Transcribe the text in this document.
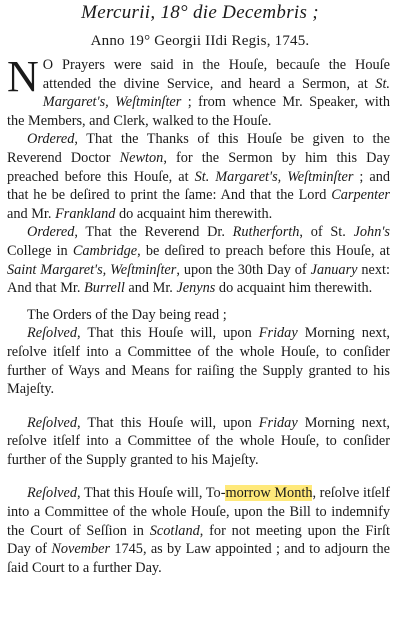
Mercurii, 18° die Decembris ;
Anno 19° Georgii IIdi Regis, 1745.

N O Prayers were said in the Houſe, becauſe the Houſe attended the divine Service, and heard a Sermon, at St. Margaret's, Weſtminſter ; from whence Mr. Speaker, with the Members, and Clerk, walked to the Houſe.

Ordered, That the Thanks of this Houſe be given to the Reverend Doctor Newton, for the Sermon by him this Day preached before this Houſe, at St. Margaret's, Weſtminſter ; and that he be deſired to print the ſame: And that the Lord Carpenter and Mr. Frankland do acquaint him therewith.

Ordered, That the Reverend Dr. Rutherforth, of St. John's College in Cambridge, be deſired to preach before this Houſe, at Saint Margaret's, Weſtminſter, upon the 30th Day of January next: And that Mr. Burrell and Mr. Jenyns do acquaint him therewith.

The Orders of the Day being read ;

Reſolved, That this Houſe will, upon Friday Morning next, reſolve itſelf into a Committee of the whole Houſe, to conſider further of Ways and Means for raiſing the Supply granted to his Majeſty.

Reſolved, That this Houſe will, upon Friday Morning next, reſolve itſelf into a Committee of the whole Houſe, to conſider further of the Supply granted to his Majeſty.

Reſolved, That this Houſe will, To-morrow Month, reſolve itſelf into a Committee of the whole Houſe, upon the Bill to indemnify the Court of Seſſion in Scotland, for not meeting upon the Firſt Day of November 1745, as by Law appointed ; and to adjourn the ſaid Court to a further Day.
